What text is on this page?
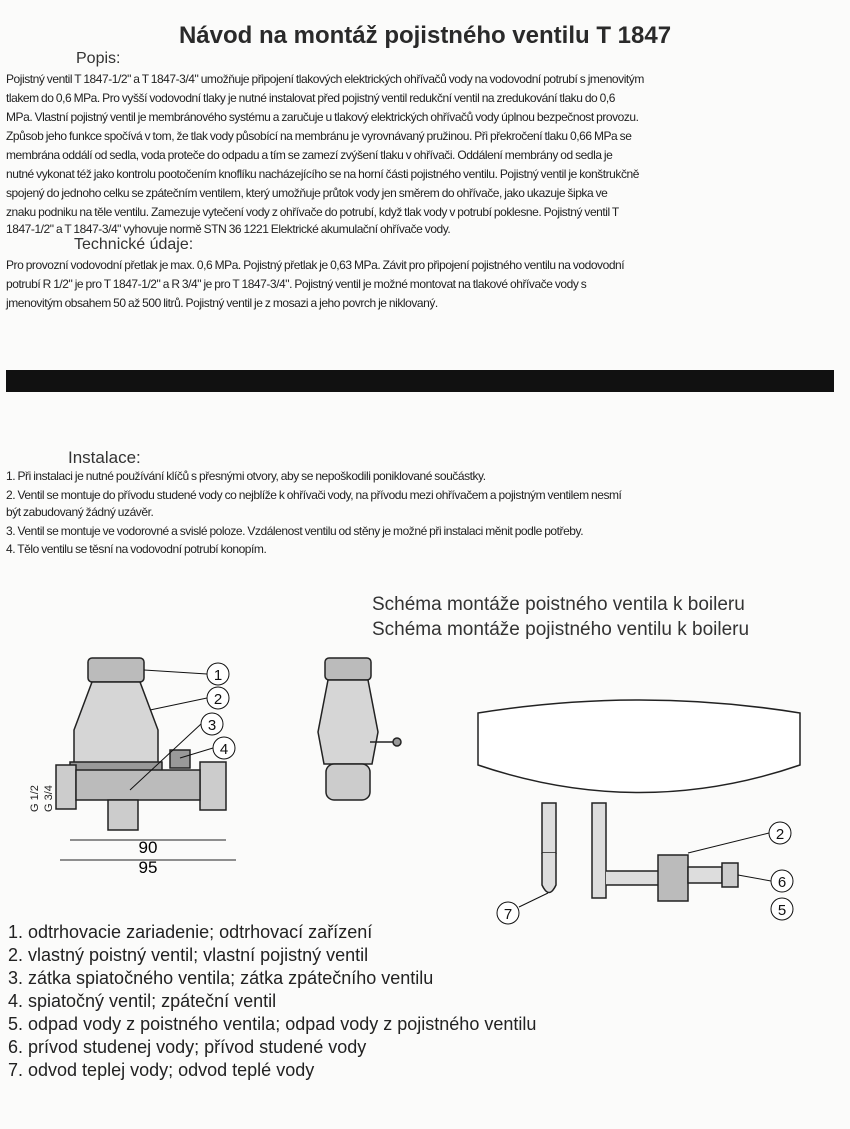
Návod na montáž pojistného ventilu T 1847
Popis:
Pojistný ventil T 1847-1/2" a T 1847-3/4" umožňuje připojení tlakových elektrických ohřívačů vody na vodovodní potrubí s jmenovitým
tlakem do 0,6 MPa. Pro vyšší vodovodní tlaky je nutné instalovat před pojistný ventil redukční ventil na zredukování tlaku do 0,6
MPa. Vlastní pojistný ventil je membránového systému a zaručuje u tlakový elektrických ohřívačů vody úplnou bezpečnost provozu.
Způsob jeho funkce spočívá v tom, že tlak vody působící na membránu je vyrovnávaný pružinou. Při překročení tlaku 0,66 MPa se
membrána oddálí od sedla, voda proteče do odpadu a tím se zamezí zvýšení tlaku v ohřívači. Oddálení membrány od sedla je
nutné vykonat též jako kontrolu pootočením knoflíku nacházejícího se na horní části pojistného ventilu. Pojistný ventil je konštrukčně
spojený do jednoho celku se zpátečním ventilem, který umožňuje průtok vody jen směrem do ohřívače, jako ukazuje šipka ve
znaku podniku na těle ventilu. Zamezuje vytečení vody z ohřívače do potrubí, když tlak vody v potrubí poklesne. Pojistný ventil T
1847-1/2" a T 1847-3/4" vyhovuje normě STN 36 1221 Elektrické akumulační ohřívače vody.
Technické údaje:
Pro provozní vodovodní přetlak je max. 0,6 MPa. Pojistný přetlak je 0,63 MPa. Závit pro připojení pojistného ventilu na vodovodní
potrubí R 1/2" je pro T 1847-1/2" a R 3/4" je pro T 1847-3/4". Pojistný ventil je možné montovat na tlakové ohřívače vody s
jmenovitým obsahem 50 až 500 litrů. Pojistný ventil je z mosazi a jeho povrch je niklovaný.
Instalace:
1. Při instalaci je nutné používání klíčů s přesnými otvory, aby se nepoškodili poniklované součástky.
2. Ventil se montuje do přívodu studené vody co nejblíže k ohřívači vody, na přívodu mezi ohřívačem a pojistným ventilem nesmí
být zabudovaný žádný uzávěr.
3. Ventil se montuje ve vodorovné a svislé poloze. Vzdálenost ventilu od stěny je možné při instalaci měnit podle potřeby.
4. Tělo ventilu se těsní na vodovodní potrubí konopím.
Schéma montáže poistného ventila k boileru
Schéma montáže pojistného ventilu k boileru
G 1/2 G 3/4
90
95
1
2
3
4
2
6
5
7
1. odtrhovacie zariadenie; odtrhovací zařízení
2. vlastný poistný ventil; vlastní pojistný ventil
3. zátka spiatočného ventila; zátka zpátečního ventilu
4. spiatočný ventil; zpáteční ventil
5. odpad vody z poistného ventila; odpad vody z pojistného ventilu
6. prívod studenej vody; přívod studené vody
7. odvod teplej vody; odvod teplé vody
